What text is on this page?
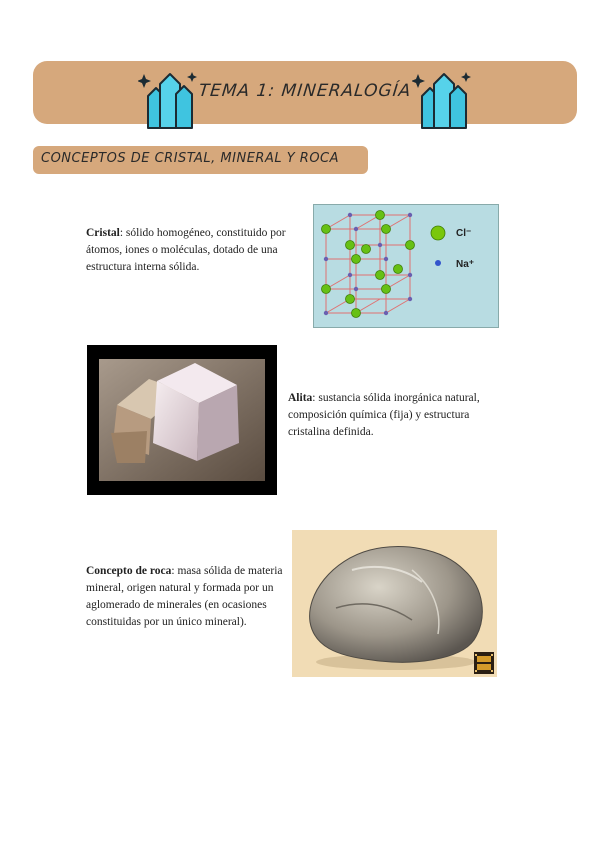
TEMA 1: MINERALOGÍA
CONCEPTOS DE CRISTAL, MINERAL Y ROCA
Cristal: sólido homogéneo, constituido por átomos, iones o moléculas, dotado de una estructura interna sólida.
Cl⁻
Na⁺
Alita: sustancia sólida inorgánica natural, composición química (fija) y estructura cristalina definida.
Concepto de roca: masa sólida de materia mineral, origen natural y formada por un aglomerado de minerales (en ocasiones constituidas por un único mineral).
